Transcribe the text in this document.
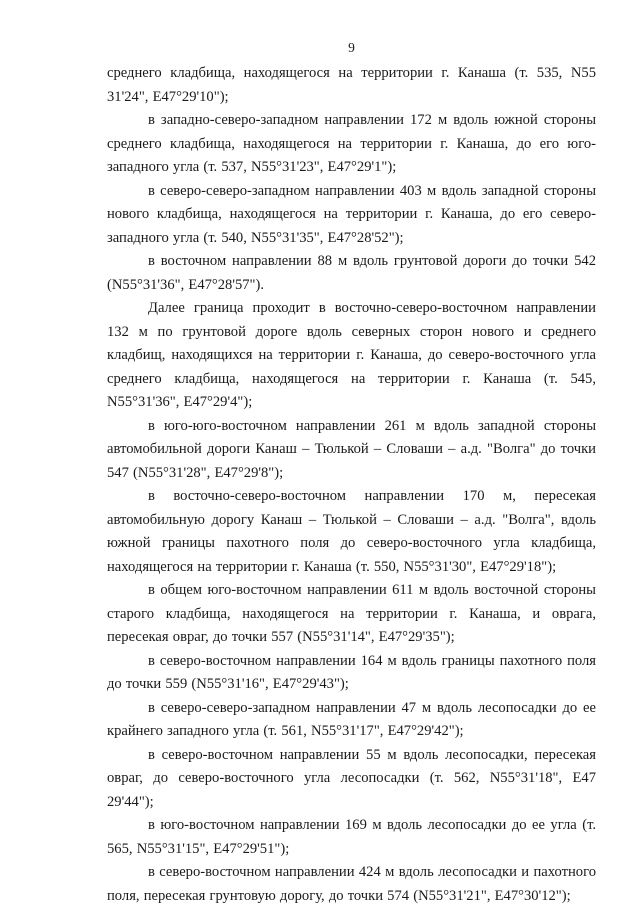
9

среднего кладбища, находящегося на территории г. Канаша (т. 535, N55 31'24", E47°29'10");

в западно-северо-западном направлении 172 м вдоль южной стороны среднего кладбища, находящегося на территории г. Канаша, до его юго-западного угла (т. 537, N55°31'23", E47°29'1");

в северо-северо-западном направлении 403 м вдоль западной стороны нового кладбища, находящегося на территории г. Канаша, до его северо-западного угла (т. 540, N55°31'35", E47°28'52");

в восточном направлении 88 м вдоль грунтовой дороги до точки 542 (N55°31'36", E47°28'57").

Далее граница проходит в восточно-северо-восточном направлении 132 м по грунтовой дороге вдоль северных сторон нового и среднего кладбищ, находящихся на территории г. Канаша, до северо-восточного угла среднего кладбища, находящегося на территории г. Канаша (т. 545, N55°31'36", E47°29'4");

в юго-юго-восточном направлении 261 м вдоль западной стороны автомобильной дороги Канаш – Тюлькой – Словаши – а.д. "Волга" до точки 547 (N55°31'28", E47°29'8");

в восточно-северо-восточном направлении 170 м, пересекая автомобильную дорогу Канаш – Тюлькой – Словаши – а.д. "Волга", вдоль южной границы пахотного поля до северо-восточного угла кладбища, находящегося на территории г. Канаша (т. 550, N55°31'30", E47°29'18");

в общем юго-восточном направлении 611 м вдоль восточной стороны старого кладбища, находящегося на территории г. Канаша, и оврага, пересекая овраг, до точки 557 (N55°31'14", E47°29'35");

в северо-восточном направлении 164 м вдоль границы пахотного поля до точки 559 (N55°31'16", E47°29'43");

в северо-северо-западном направлении 47 м вдоль лесопосадки до ее крайнего западного угла (т. 561, N55°31'17", E47°29'42");

в северо-восточном направлении 55 м вдоль лесопосадки, пересекая овраг, до северо-восточного угла лесопосадки (т. 562, N55°31'18", E47 29'44");

в юго-восточном направлении 169 м вдоль лесопосадки до ее угла (т. 565, N55°31'15", E47°29'51");

в северо-восточном направлении 424 м вдоль лесопосадки и пахотного поля, пересекая грунтовую дорогу, до точки 574 (N55°31'21", E47°30'12");
